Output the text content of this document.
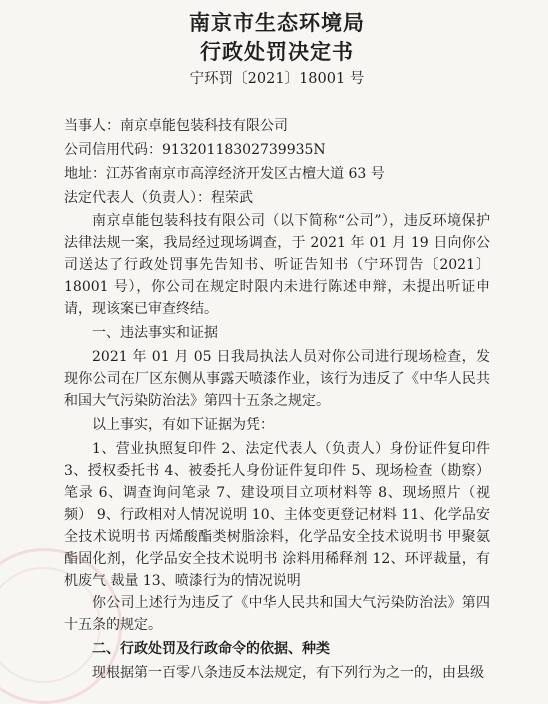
南京市生态环境局
行政处罚决定书
宁环罚〔2021〕18001 号

当事人：南京卓能包装科技有限公司

公司信用代码：9132011830273993​5N

地址：江苏省南京市高淳经济开发区古檀大道 63 号

法定代表人（负责人）：程荣武

南京卓能包装科技有限公司（以下简称“公司”），违反环境保护法律法规一案，我局经过现场调查，于 2021 年 01 月 19 日向你公司送达了行政处罚事先告知书、听证告知书（宁环罚告〔2021〕18001 号），你公司在规定时限内未进行陈述申辩，未提出听证申请，现该案已审查终结。

一、违法事实和证据

2021 年 01 月 05 日我局执法人员对你公司进行现场检查，发现你公司在厂区东侧从事露天喷漆作业，该行为违反了《中华人民共和国大气污染防治法》第四十五条之规定。

以上事实，有如下证据为凭：

1、营业执照复印件 2、法定代表人（负责人）身份证件复印件 3、授权委托书 4、被委托人身份证件复印件 5、现场检查（勘察）笔录 6、调查询问笔录 7、建设项目立项材料等 8、现场照片（视频） 9、行政相对人情况说明 10、主体变更登记材料 11、化学品安全技术说明书 丙烯酸酯类树脂涂料，化学品安全技术说明书 甲聚氨酯固化剂，化学品安全技术说明书 涂料用稀释剂 12、环评裁量，有机废气 裁量 13、喷漆行为的情况说明

你公司上述行为违反了《中华人民共和国大气污染防治法》第四十五条的规定。

二、行政处罚及行政命令的依据、种类

现根据第一百零八条违反本法规定，有下列行为之一的，由县级
